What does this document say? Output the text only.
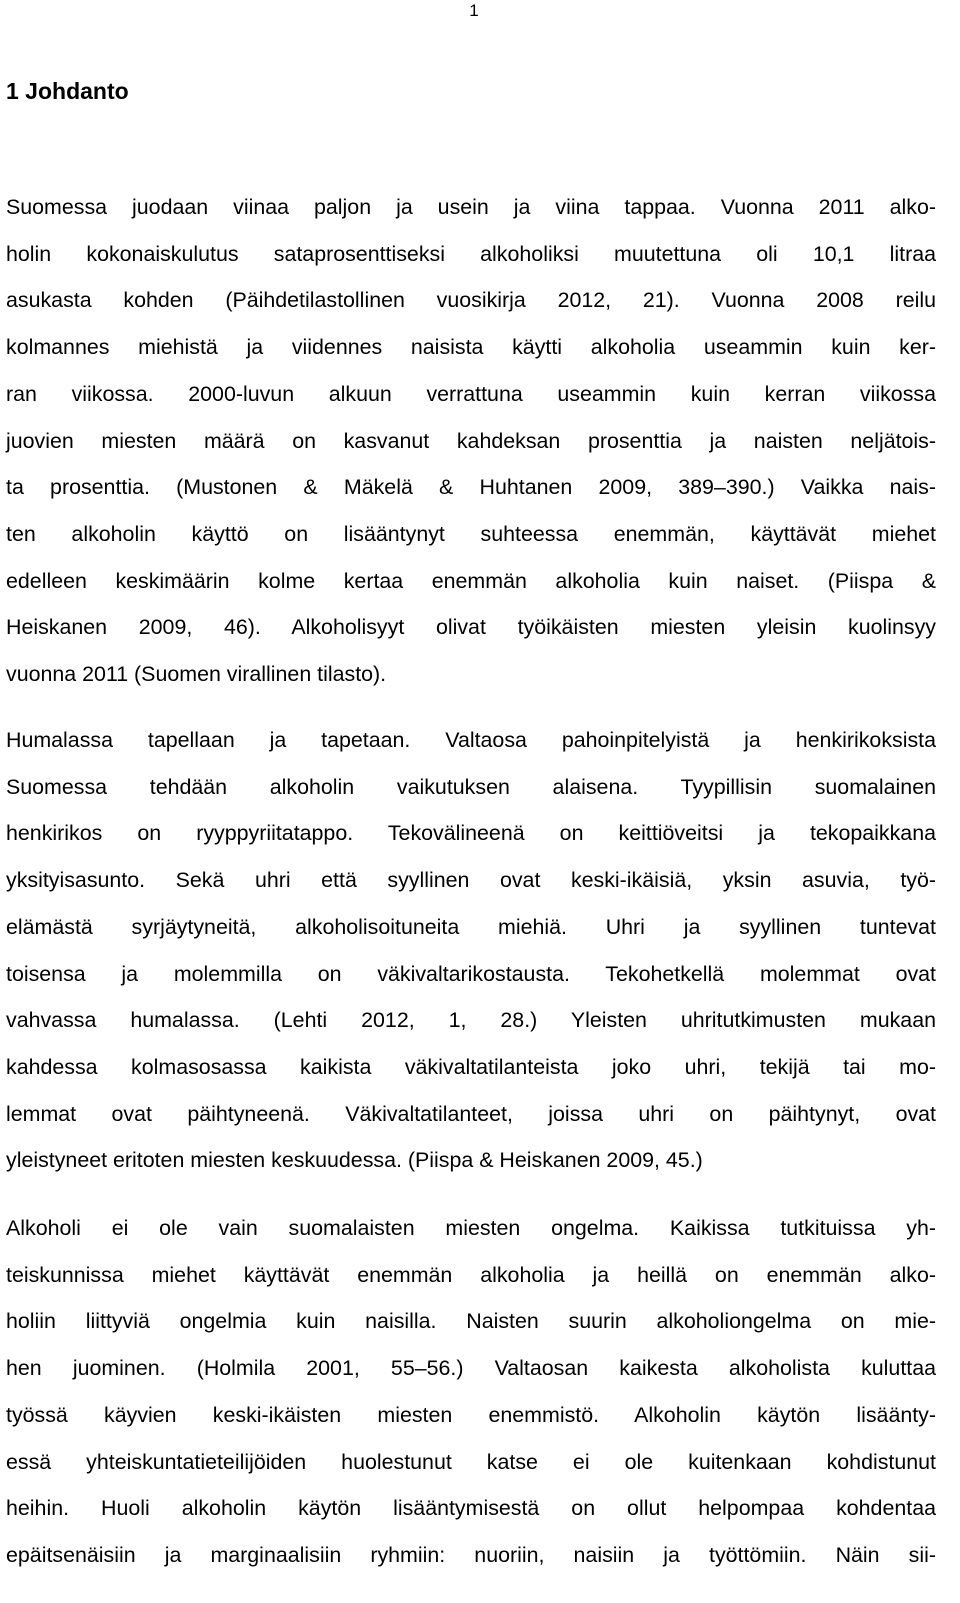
1
1 Johdanto
Suomessa juodaan viinaa paljon ja usein ja viina tappaa. Vuonna 2011 alko-
holin kokonaiskulutus sataprosenttiseksi alkoholiksi muutettuna oli 10,1 litraa
asukasta kohden (Päihdetilastollinen vuosikirja 2012, 21). Vuonna 2008 reilu
kolmannes miehistä ja viidennes naisista käytti alkoholia useammin kuin ker-
ran viikossa. 2000-luvun alkuun verrattuna useammin kuin kerran viikossa
juovien miesten määrä on kasvanut kahdeksan prosenttia ja naisten neljätois-
ta prosenttia. (Mustonen & Mäkelä & Huhtanen 2009, 389–390.) Vaikka nais-
ten alkoholin käyttö on lisääntynyt suhteessa enemmän, käyttävät miehet
edelleen keskimäärin kolme kertaa enemmän alkoholia kuin naiset. (Piispa &
Heiskanen 2009, 46). Alkoholisyyt olivat työikäisten miesten yleisin kuolinsyy
vuonna 2011 (Suomen virallinen tilasto).
Humalassa tapellaan ja tapetaan. Valtaosa pahoinpitelyistä ja henkirikoksista
Suomessa tehdään alkoholin vaikutuksen alaisena. Tyypillisin suomalainen
henkirikos on ryyppyriitatappo. Tekovälineenä on keittiöveitsi ja tekopaikkana
yksityisasunto. Sekä uhri että syyllinen ovat keski-ikäisiä, yksin asuvia, työ-
elämästä syrjäytyneitä, alkoholisoituneita miehiä. Uhri ja syyllinen tuntevat
toisensa ja molemmilla on väkivaltarikostausta. Tekohetkellä molemmat ovat
vahvassa humalassa. (Lehti 2012, 1, 28.) Yleisten uhritutkimusten mukaan
kahdessa kolmasosassa kaikista väkivaltatilanteista joko uhri, tekijä tai mo-
lemmat ovat päihtyneenä. Väkivaltatilanteet, joissa uhri on päihtynyt, ovat
yleistyneet eritoten miesten keskuudessa. (Piispa & Heiskanen 2009, 45.)
Alkoholi ei ole vain suomalaisten miesten ongelma. Kaikissa tutkituissa yh-
teiskunnissa miehet käyttävät enemmän alkoholia ja heillä on enemmän alko-
holiin liittyviä ongelmia kuin naisilla. Naisten suurin alkoholiongelma on mie-
hen juominen. (Holmila 2001, 55–56.) Valtaosan kaikesta alkoholista kuluttaa
työssä käyvien keski-ikäisten miesten enemmistö. Alkoholin käytön lisäänty-
essä yhteiskuntatieteilijöiden huolestunut katse ei ole kuitenkaan kohdistunut
heihin. Huoli alkoholin käytön lisääntymisestä on ollut helpompaa kohdentaa
epäitsenäisiin ja marginaalisiin ryhmiin: nuoriin, naisiin ja työttömiin. Näin sii-
